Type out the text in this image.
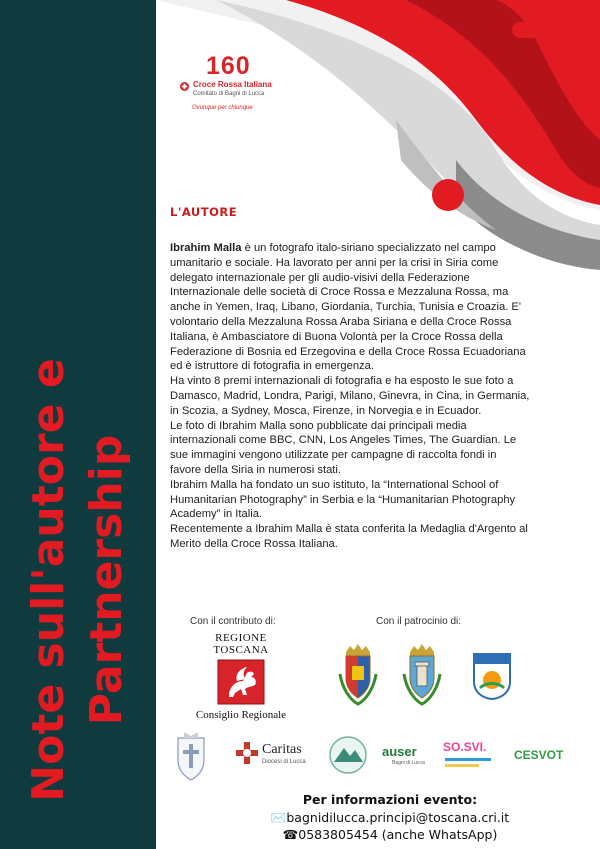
Note sull'autore e Partnership
160
Croce Rossa Italiana
Comitato di Bagni di Lucca
Ovunque per chiunque
L'AUTORE

Ibrahim Malla è un fotografo italo-siriano specializzato nel campo umanitario e sociale. Ha lavorato per anni per la crisi in Siria come delegato internazionale per gli audio-visivi della Federazione Internazionale delle società di Croce Rossa e Mezzaluna Rossa, ma anche in Yemen, Iraq, Libano, Giordania, Turchia, Tunisia e Croazia. E' volontario della Mezzaluna Rossa Araba Siriana e della Croce Rossa Italiana, è Ambasciatore di Buona Volontà per la Croce Rossa della Federazione di Bosnia ed Erzegovina e della Croce Rossa Ecuadoriana ed è istruttore di fotografia in emergenza.

Ha vinto 8 premi internazionali di fotografia e ha esposto le sue foto a Damasco, Madrid, Londra, Parigi, Milano, Ginevra, in Cina, in Germania, in Scozia, a Sydney, Mosca, Firenze, in Norvegia e in Ecuador.

Le foto di Ibrahim Malla sono pubblicate dai principali media internazionali come BBC, CNN, Los Angeles Times, The Guardian. Le sue immagini vengono utilizzate per campagne di raccolta fondi in favore della Siria in numerosi stati.

Ibrahim Malla ha fondato un suo istituto, la “International School of Humanitarian Photography” in Serbia e la “Humanitarian Photography Academy” in Italia.

Recentemente a Ibrahim Malla è stata conferita la Medaglia d'Argento al Merito della Croce Rossa Italiana.

Con il contributo di:	Con il patrocinio di:
REGIONE TOSCANA
Consiglio Regionale
Caritas
Diocesi di Lucca
auser
Bagni di Lucca
SO.SVI.
CESVOT
Per informazioni evento:
✉️bagnidilucca.principi@toscana.cri.it
☎0583805454 (anche WhatsApp)
